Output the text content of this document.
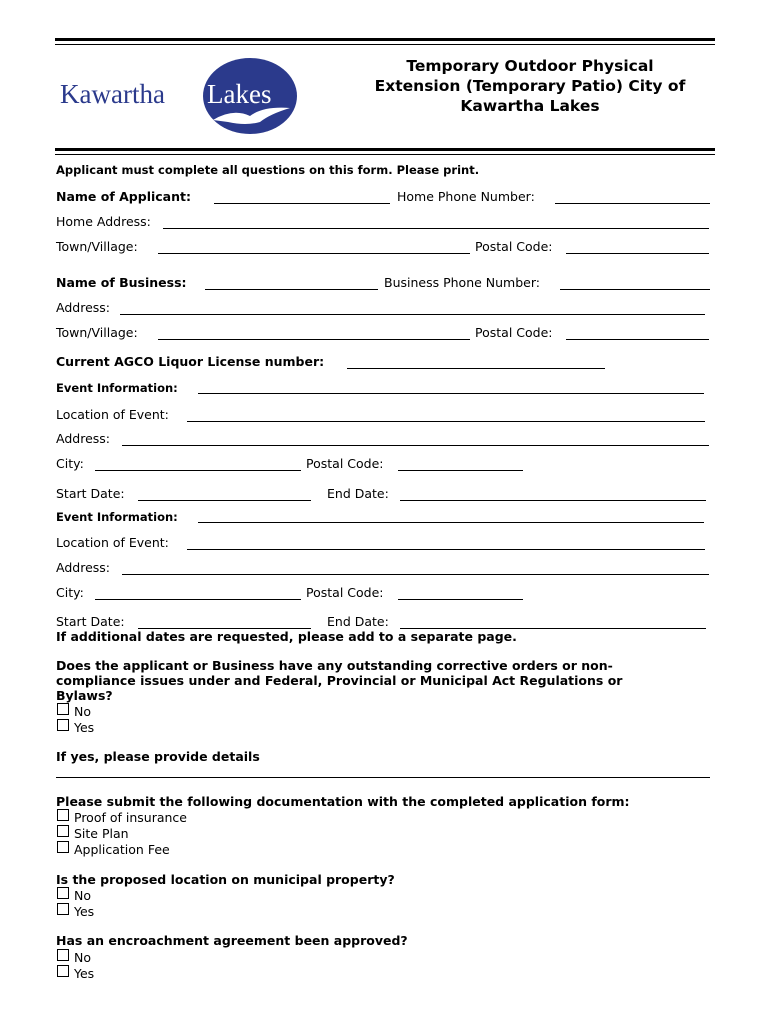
Kawartha Lakes
Temporary Outdoor Physical
Extension (Temporary Patio) City of
Kawartha Lakes
Applicant must complete all questions on this form. Please print.
Name of Applicant:	Home Phone Number:
Home Address:
Town/Village:	Postal Code:
Name of Business:	Business Phone Number:
Address:
Town/Village:	Postal Code:
Current AGCO Liquor License number:
Event Information:
Location of Event:
Address:
City:	Postal Code:
Start Date:	End Date:
Event Information:
Location of Event:
Address:
City:	Postal Code:
Start Date:	End Date:
If additional dates are requested, please add to a separate page.
Does the applicant or Business have any outstanding corrective orders or non-
compliance issues under and Federal, Provincial or Municipal Act Regulations or
Bylaws?
No
Yes
If yes, please provide details
Please submit the following documentation with the completed application form:
Proof of insurance
Site Plan
Application Fee
Is the proposed location on municipal property?
No
Yes
Has an encroachment agreement been approved?
No
Yes
